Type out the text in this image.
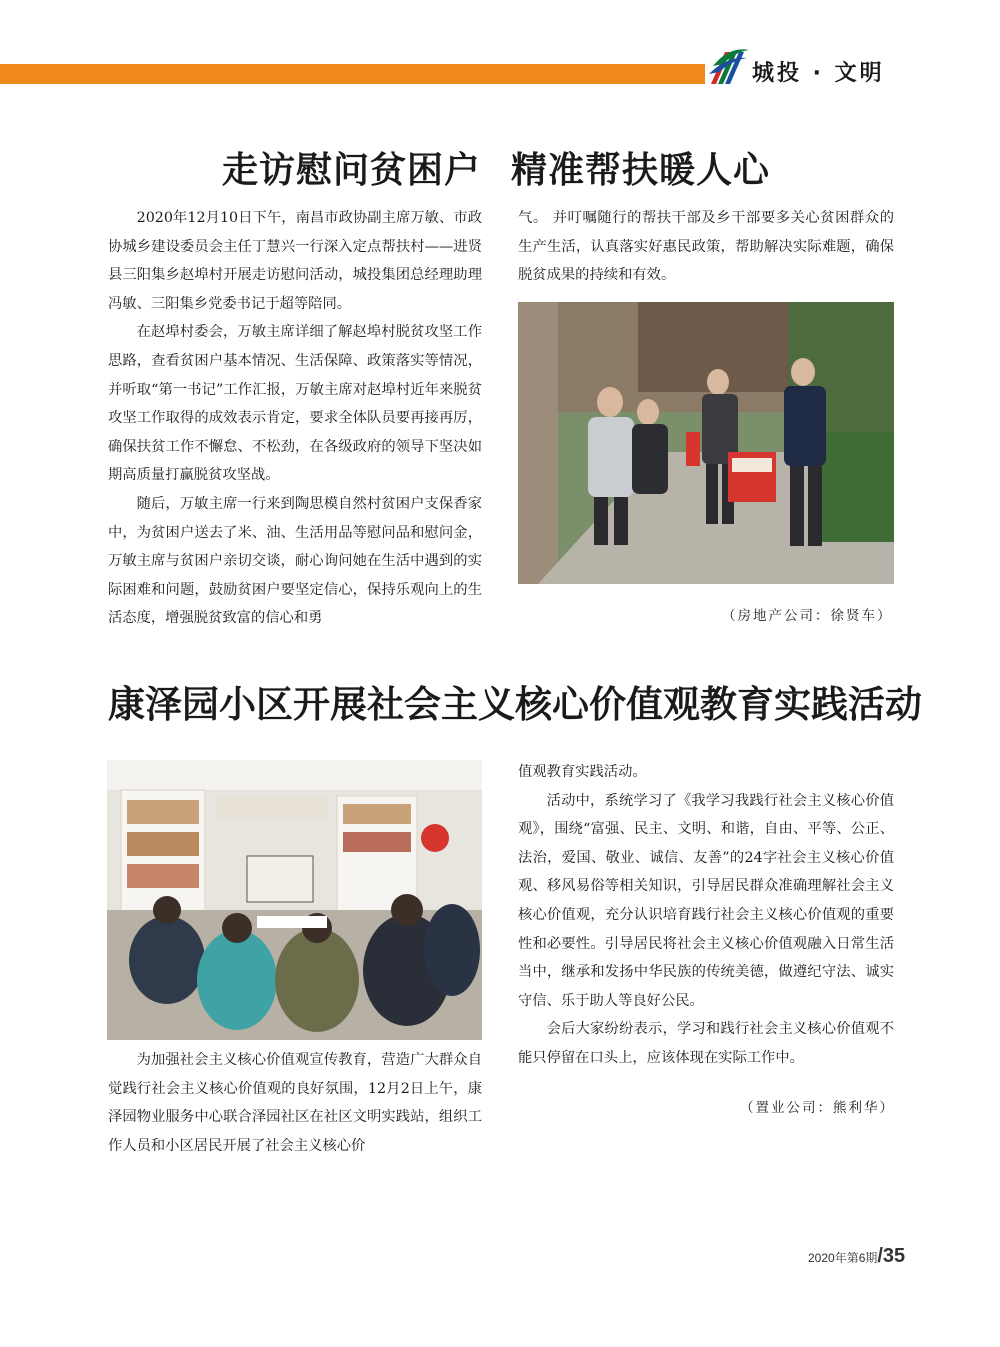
城投 · 文明
走访慰问贫困户 精准帮扶暖人心

2020年12月10日下午，南昌市政协副主席万敏、市政协城乡建设委员会主任丁慧兴一行深入定点帮扶村——进贤县三阳集乡赵埠村开展走访慰问活动，城投集团总经理助理冯敏、三阳集乡党委书记于超等陪同。

在赵埠村委会，万敏主席详细了解赵埠村脱贫攻坚工作思路，查看贫困户基本情况、生活保障、政策落实等情况，并听取“第一书记”工作汇报，万敏主席对赵埠村近年来脱贫攻坚工作取得的成效表示肯定，要求全体队员要再接再厉，确保扶贫工作不懈怠、不松劲，在各级政府的领导下坚决如期高质量打赢脱贫攻坚战。

随后，万敏主席一行来到陶思模自然村贫困户支保香家中，为贫困户送去了米、油、生活用品等慰问品和慰问金，万敏主席与贫困户亲切交谈，耐心询问她在生活中遇到的实际困难和问题，鼓励贫困户要坚定信心，保持乐观向上的生活态度，增强脱贫致富的信心和勇

气。 并叮嘱随行的帮扶干部及乡干部要多关心贫困群众的生产生活，认真落实好惠民政策，帮助解决实际难题，确保脱贫成果的持续和有效。

（房地产公司：徐贤车）
康泽园小区开展社会主义核心价值观教育实践活动

为加强社会主义核心价值观宣传教育，营造广大群众自觉践行社会主义核心价值观的良好氛围，12月2日上午，康泽园物业服务中心联合泽园社区在社区文明实践站，组织工作人员和小区居民开展了社会主义核心价

值观教育实践活动。

活动中，系统学习了《我学习我践行社会主义核心价值观》，围绕“富强、民主、文明、和谐，自由、平等、公正、法治，爱国、敬业、诚信、友善”的24字社会主义核心价值观、移风易俗等相关知识，引导居民群众准确理解社会主义核心价值观，充分认识培育践行社会主义核心价值观的重要性和必要性。引导居民将社会主义核心价值观融入日常生活当中，继承和发扬中华民族的传统美德，做遵纪守法、诚实守信、乐于助人等良好公民。

会后大家纷纷表示，学习和践行社会主义核心价值观不能只停留在口头上，应该体现在实际工作中。

（置业公司：熊利华）
2020年第6期/35
